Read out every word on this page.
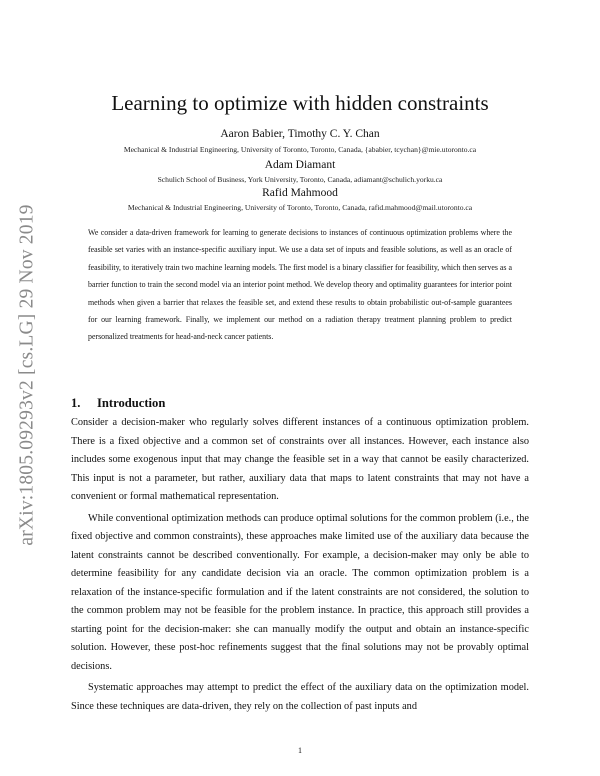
arXiv:1805.09293v2 [cs.LG] 29 Nov 2019
Learning to optimize with hidden constraints
Aaron Babier, Timothy C. Y. Chan
Mechanical & Industrial Engineering, University of Toronto, Toronto, Canada, {ababier, tcychan}@mie.utoronto.ca
Adam Diamant
Schulich School of Business, York University, Toronto, Canada, adiamant@schulich.yorku.ca
Rafid Mahmood
Mechanical & Industrial Engineering, University of Toronto, Toronto, Canada, rafid.mahmood@mail.utoronto.ca

We consider a data-driven framework for learning to generate decisions to instances of continuous optimization problems where the feasible set varies with an instance-specific auxiliary input. We use a data set of inputs and feasible solutions, as well as an oracle of feasibility, to iteratively train two machine learning models. The first model is a binary classifier for feasibility, which then serves as a barrier function to train the second model via an interior point method. We develop theory and optimality guarantees for interior point methods when given a barrier that relaxes the feasible set, and extend these results to obtain probabilistic out-of-sample guarantees for our learning framework. Finally, we implement our method on a radiation therapy treatment planning problem to predict personalized treatments for head-and-neck cancer patients.

1. Introduction

Consider a decision-maker who regularly solves different instances of a continuous optimization problem. There is a fixed objective and a common set of constraints over all instances. However, each instance also includes some exogenous input that may change the feasible set in a way that cannot be easily characterized. This input is not a parameter, but rather, auxiliary data that maps to latent constraints that may not have a convenient or formal mathematical representation.

While conventional optimization methods can produce optimal solutions for the common problem (i.e., the fixed objective and common constraints), these approaches make limited use of the auxiliary data because the latent constraints cannot be described conventionally. For example, a decision-maker may only be able to determine feasibility for any candidate decision via an oracle. The common optimization problem is a relaxation of the instance-specific formulation and if the latent constraints are not considered, the solution to the common problem may not be feasible for the problem instance. In practice, this approach still provides a starting point for the decision-maker: she can manually modify the output and obtain an instance-specific solution. However, these post-hoc refinements suggest that the final solutions may not be provably optimal decisions.

Systematic approaches may attempt to predict the effect of the auxiliary data on the optimization model. Since these techniques are data-driven, they rely on the collection of past inputs and

1
